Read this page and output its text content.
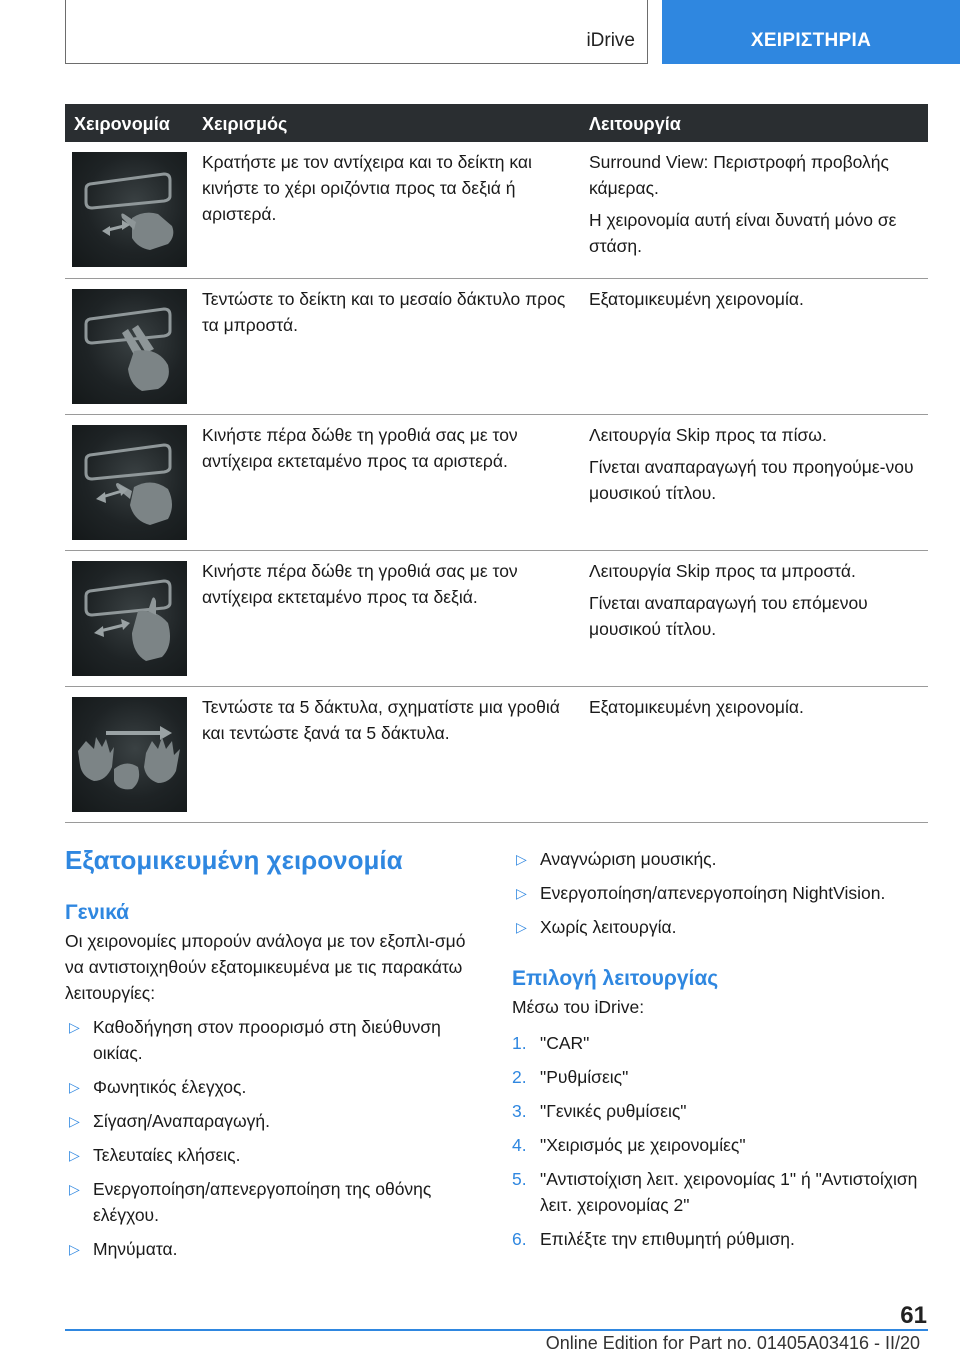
iDrive	ΧΕΙΡΙΣΤΗΡΙΑ
Χειρονομία Χειρισμός	Λειτουργία

Κρατήστε με τον αντίχειρα και το δείκτη και κινήστε το χέρι οριζόντια προς τα δεξιά ή αριστερά.

Surround View: Περιστροφή προβολής κάμερας.

Η χειρονομία αυτή είναι δυνατή μόνο σε στάση.

Τεντώστε το δείκτη και το μεσαίο δάκτυλο προς τα μπροστά.

Εξατομικευμένη χειρονομία.

Κινήστε πέρα δώθε τη γροθιά σας με τον αντίχειρα εκτεταμένο προς τα αριστερά.

Λειτουργία Skip προς τα πίσω.

Γίνεται αναπαραγωγή του προηγούμε-νου μουσικού τίτλου.

Κινήστε πέρα δώθε τη γροθιά σας με τον αντίχειρα εκτεταμένο προς τα δεξιά.

Λειτουργία Skip προς τα μπροστά.

Γίνεται αναπαραγωγή του επόμενου μουσικού τίτλου.

Τεντώστε τα 5 δάκτυλα, σχηματίστε μια γροθιά και τεντώστε ξανά τα 5 δάκτυλα.

Εξατομικευμένη χειρονομία.

Εξατομικευμένη χειρονομία
Γενικά

Οι χειρονομίες μπορούν ανάλογα με τον εξοπλι-σμό να αντιστοιχηθούν εξατομικευμένα με τις παρακάτω λειτουργίες:

▷ Καθοδήγηση στον προορισμό στη διεύθυνση οικίας.
▷ Φωνητικός έλεγχος.
▷ Σίγαση/Αναπαραγωγή.
▷ Τελευταίες κλήσεις.
▷ Ενεργοποίηση/απενεργοποίηση της οθόνης ελέγχου.
▷ Μηνύματα.
▷ Αναγνώριση μουσικής.
▷ Ενεργοποίηση/απενεργοποίηση NightVision.
▷ Χωρίς λειτουργία.
Επιλογή λειτουργίας

Μέσω του iDrive:

1. "CAR"
2. "Ρυθμίσεις"
3. "Γενικές ρυθμίσεις"
4. "Χειρισμός με χειρονομίες"
5. "Αντιστοίχιση λειτ. χειρονομίας 1" ή "Αντιστοίχιση λειτ. χειρονομίας 2"
6. Επιλέξτε την επιθυμητή ρύθμιση.
61
Online Edition for Part no. 01405A03416 - II/20
